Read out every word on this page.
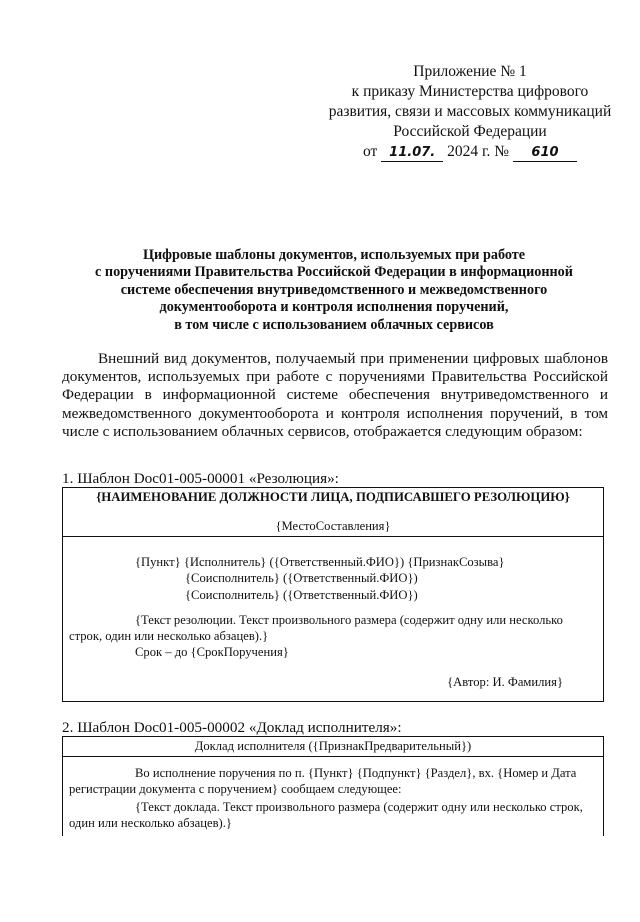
Приложение № 1
к приказу Министерства цифрового
развития, связи и массовых коммуникаций
Российской Федерации
от 11.07. 2024 г. № 610
Цифровые шаблоны документов, используемых при работе
с поручениями Правительства Российской Федерации в информационной
системе обеспечения внутриведомственного и межведомственного
документооборота и контроля исполнения поручений,
в том числе с использованием облачных сервисов

Внешний вид документов, получаемый при применении цифровых шаблонов документов, используемых при работе с поручениями Правительства Российской Федерации в информационной системе обеспечения внутриведомственного и межведомственного документооборота и контроля исполнения поручений, в том числе с использованием облачных сервисов, отображается следующим образом:

1. Шаблон Doc01-005-00001 «Резолюция»:
{НАИМЕНОВАНИЕ ДОЛЖНОСТИ ЛИЦА, ПОДПИСАВШЕГО РЕЗОЛЮЦИЮ}
{МестоСоставления}
{Пункт} {Исполнитель} ({Ответственный.ФИО}) {ПризнакСозыва}
{Соисполнитель} ({Ответственный.ФИО})
{Соисполнитель} ({Ответственный.ФИО})

{Текст резолюции. Текст произвольного размера (содержит одну или несколько строк, один или несколько абзацев).}

Срок – до {СрокПоручения}
{Автор: И. Фамилия}
2. Шаблон Doc01-005-00002 «Доклад исполнителя»:
Доклад исполнителя ({ПризнакПредварительный})

Во исполнение поручения по п. {Пункт} {Подпункт} {Раздел}, вх. {Номер и Дата регистрации документа с поручением} сообщаем следующее:

{Текст доклада. Текст произвольного размера (содержит одну или несколько строк, один или несколько абзацев).}
